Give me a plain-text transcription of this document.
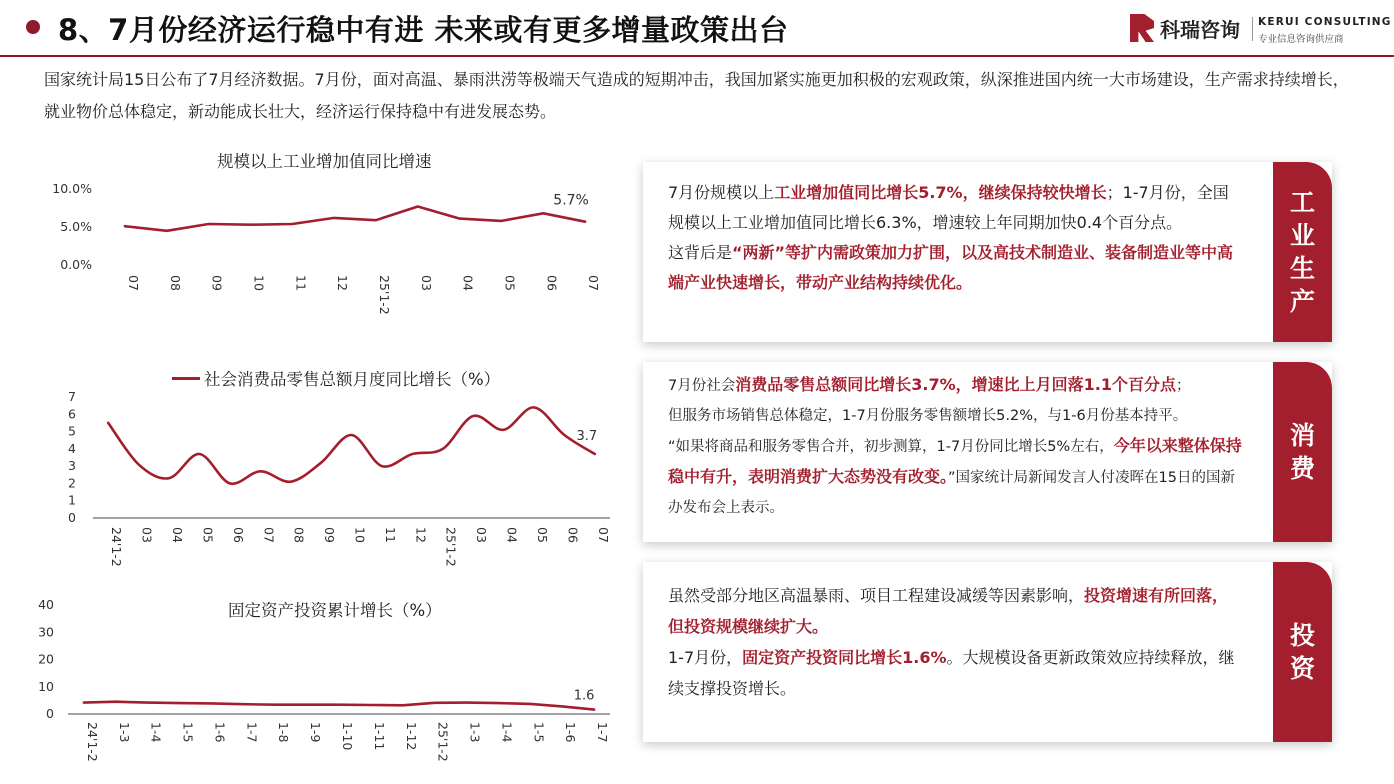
8、7月份经济运行稳中有进 未来或有更多增量政策出台	科瑞咨询 KERUI CONSULTING
专业信息咨询供应商
国家统计局15日公布了7月经济数据。7月份，面对高温、暴雨洪涝等极端天气造成的短期冲击，我国加紧实施更加积极的宏观政策，纵深推进国内统一大市场建设，生产需求持续增长，就业物价总体稳定，新动能成长壮大，经济运行保持稳中有进发展态势。
规模以上工业增加值同比增速
社会消费品零售总额月度同比增长（%）
固定资产投资累计增长（%）
0.0%
5.0%
10.0%
07 08 09 10 11 12 25'1-2 03 04 05 06 07
5.7%
0
1
2
3
4
5
6
7
24'1-2 03 04 05 06 07 08 09 10 11 12 25'1-2 03 04 05 06 07
3.7
0
10
20
30
40
24'1-2 1-3 1-4 1-5 1-6 1-7 1-8 1-9 1-10 1-11 1-12 25'1-2 1-3 1-4 1-5 1-6 1-7
1.6
7月份规模以上工业增加值同比增长5.7%，继续保持较快增长；1-7月份，全国规模以上工业增加值同比增长6.3%，增速较上年同期加快0.4个百分点。
这背后是“两新”等扩内需政策加力扩围，以及高技术制造业、装备制造业等中高端产业快速增长，带动产业结构持续优化。
工
业
生
产
7月份社会消费品零售总额同比增长3.7%，增速比上月回落1.1个百分点；
但服务市场销售总体稳定，1-7月份服务零售额增长5.2%，与1-6月份基本持平。
“如果将商品和服务零售合并，初步测算，1-7月份同比增长5%左右，今年以来整体保持稳中有升，表明消费扩大态势没有改变。”国家统计局新闻发言人付凌晖在15日的国新办发布会上表示。
消
费
虽然受部分地区高温暴雨、项目工程建设减缓等因素影响，投资增速有所回落，但投资规模继续扩大。
1-7月份，固定资产投资同比增长1.6%。大规模设备更新政策效应持续释放，继续支撑投资增长。
投
资
